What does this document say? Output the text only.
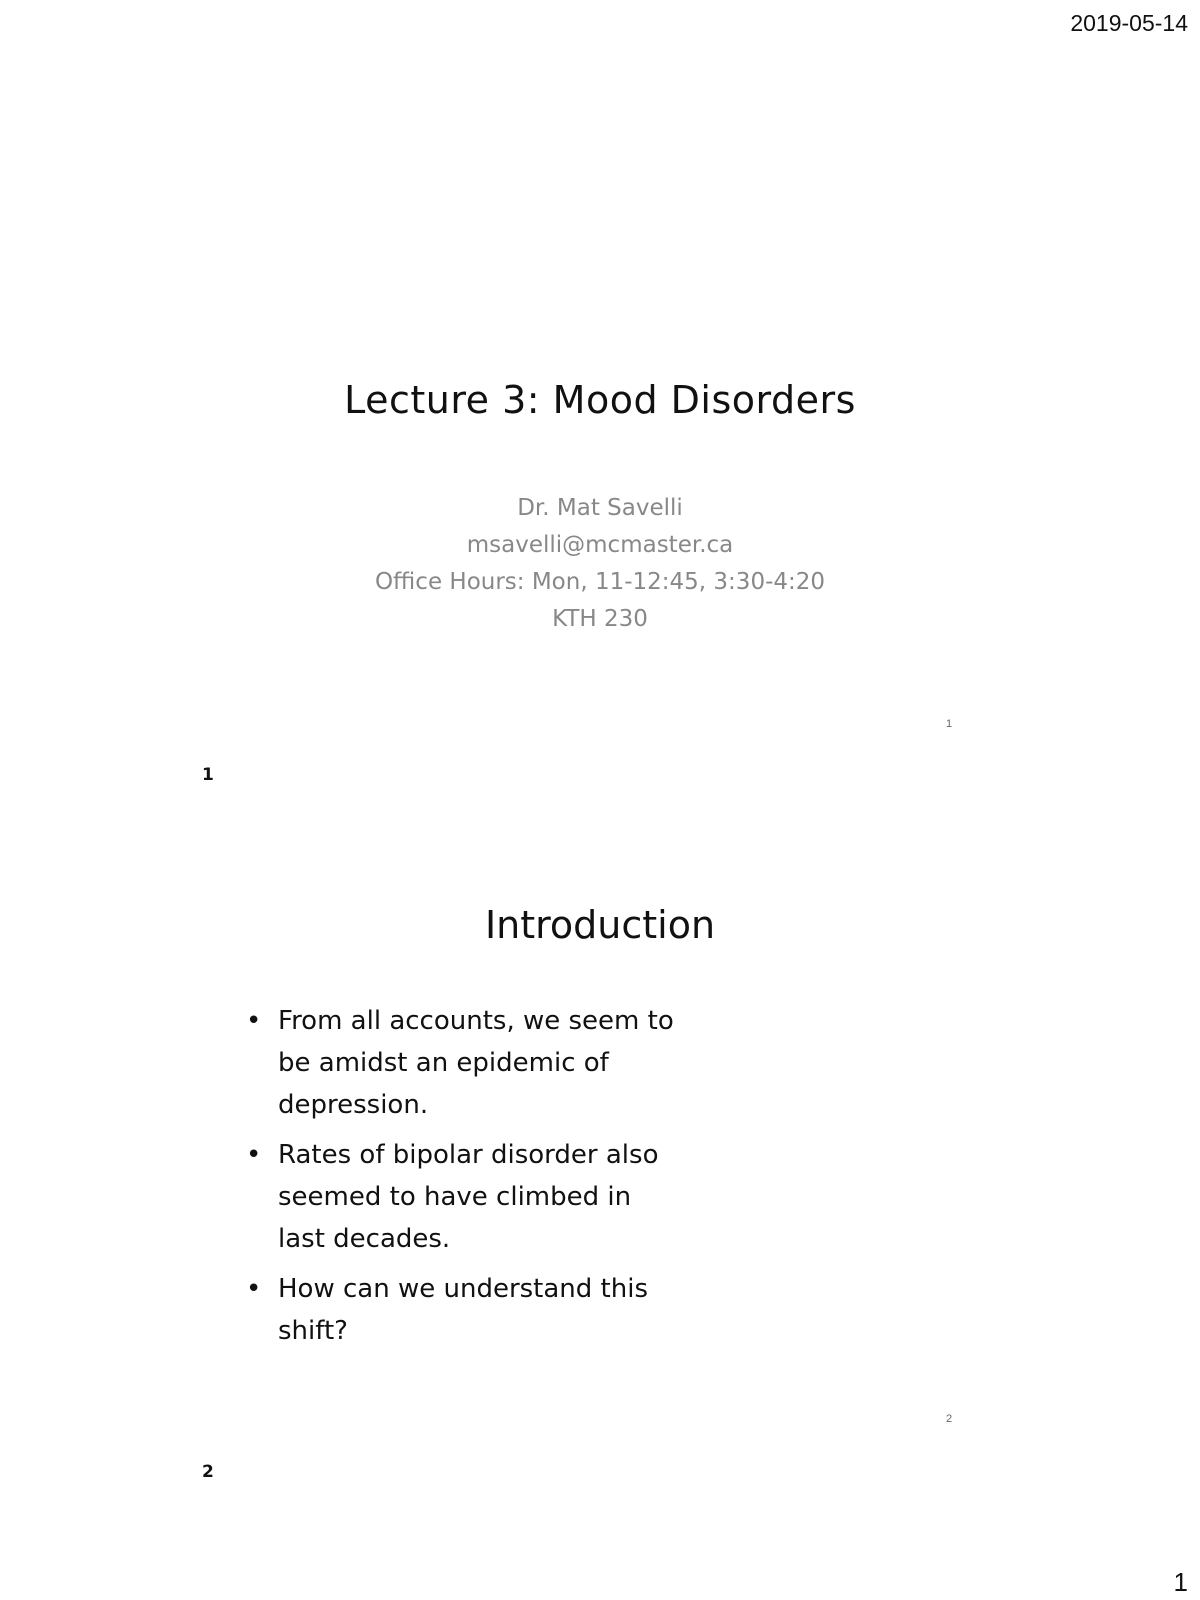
2019-05-14
Lecture 3: Mood Disorders
Dr. Mat Savelli
msavelli@mcmaster.ca
Office Hours: Mon, 11-12:45, 3:30-4:20
KTH 230
1
1
Introduction
• From all accounts, we seem to be amidst an epidemic of depression.
• Rates of bipolar disorder also seemed to have climbed in last decades.
• How can we understand this shift?
2
2
1
